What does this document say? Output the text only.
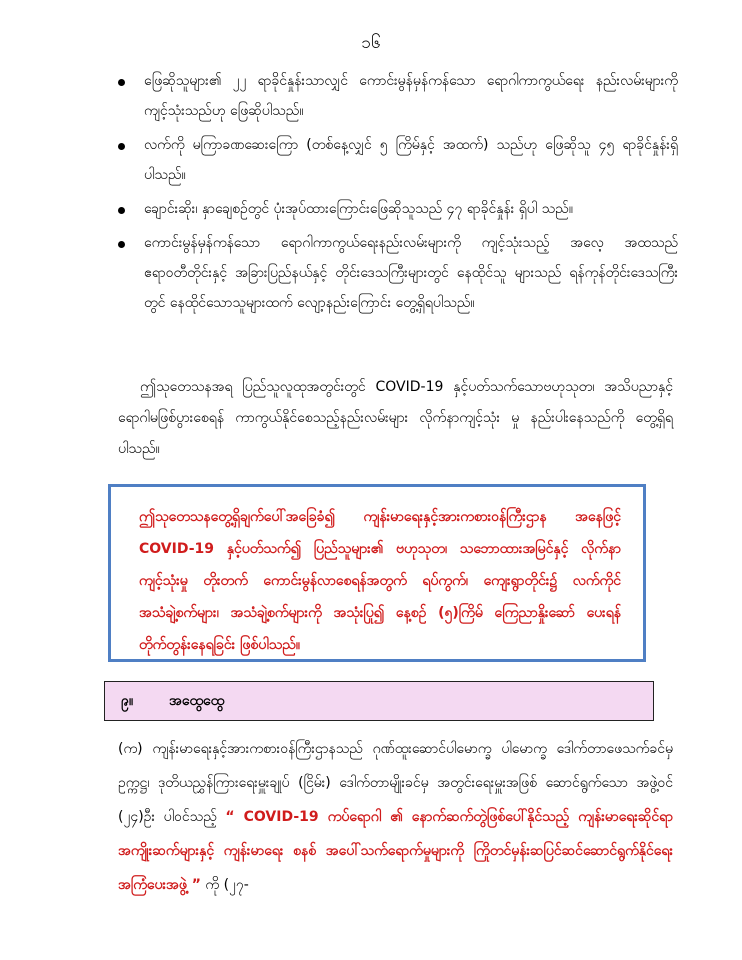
၁၆
ဖြေဆိုသူများ၏ ၂၂ ရာခိုင်နှုန်းသာလျှင် ကောင်းမွန်မှန်ကန်သော ရောဂါကာကွယ်ရေး နည်းလမ်းများကို ကျင့်သုံးသည်ဟု ဖြေဆိုပါသည်။
လက်ကို မကြာခဏဆေးကြော (တစ်နေ့လျှင် ၅ ကြိမ်နှင့် အထက်) သည်ဟု ဖြေဆိုသူ ၄၅ ရာခိုင်နှုန်းရှိပါသည်။
ချောင်းဆိုး၊ နှာချေစဉ်တွင် ပုံးအုပ်ထားကြောင်းဖြေဆိုသူသည် ၄၇ ရာခိုင်နှုန်း ရှိပါ သည်။
ကောင်းမွန်မှန်ကန်သော ရောဂါကာကွယ်ရေးနည်းလမ်းများကို ကျင့်သုံးသည့် အလေ့ အထသည် ဧရာဝတီတိုင်းနှင့် အခြားပြည်နယ်နှင့် တိုင်းဒေသကြီးများတွင် နေထိုင်သူ များသည် ရန်ကုန်တိုင်းဒေသကြီးတွင် နေထိုင်သောသူများထက် လျော့နည်းကြောင်း တွေ့ရှိရပါသည်။

ဤသုတေသနအရ ပြည်သူလူထုအတွင်းတွင် COVID-19 နှင့်ပတ်သက်သောဗဟုသုတ၊ အသိပညာနှင့် ရောဂါမဖြစ်ပွားစေရန် ကာကွယ်နိုင်စေသည့်နည်းလမ်းများ လိုက်နာကျင့်သုံး မှု နည်းပါးနေသည်ကို တွေ့ရှိရပါသည်။

ဤသုတေသနတွေ့ရှိချက်ပေါ်အခြေခံ၍ ကျန်းမာရေးနှင့်အားကစားဝန်ကြီးဌာန အနေဖြင့် COVID-19 နှင့်ပတ်သက်၍ ပြည်သူများ၏ ဗဟုသုတ၊ သဘောထားအမြင်နှင့် လိုက်နာကျင့်သုံးမှု တိုးတက် ကောင်းမွန်လာစေရန်အတွက် ရပ်ကွက်၊ ကျေးရွာတိုင်း၌ လက်ကိုင်အသံချဲ့စက်များ၊ အသံချဲ့စက်များကို အသုံးပြု၍ နေ့စဉ် (၅)ကြိမ် ကြေညာနှိုးဆော် ပေးရန် တိုက်တွန်းနေရခြင်း ဖြစ်ပါသည်။

၉။	အထွေထွေ

(က) ကျန်းမာရေးနှင့်အားကစားဝန်ကြီးဌာနသည် ဂုဏ်ထူးဆောင်ပါမောက္ခ ပါမောက္ခ ဒေါက်တာဖေသက်ခင်မှ ဥက္ကဋ္ဌ၊ ဒုတိယညွှန်ကြားရေးမှူးချုပ် (ငြိမ်း) ဒေါက်တာမျိုးခင်မှ အတွင်းရေးမှူးအဖြစ် ဆောင်ရွက်သော အဖွဲ့ဝင် (၂၄)ဦး ပါဝင်သည့် “ COVID-19 ကပ်ရောဂါ ၏ နောက်ဆက်တွဲဖြစ်ပေါ်နိုင်သည့် ကျန်းမာရေးဆိုင်ရာ အကျိုးဆက်များနှင့် ကျန်းမာရေး စနစ် အပေါ်သက်ရောက်မှုများကို ကြိုတင်မှန်းဆပြင်ဆင်ဆောင်ရွက်နိုင်ရေး အကြံပေးအဖွဲ့ ” ကို (၂၇-
